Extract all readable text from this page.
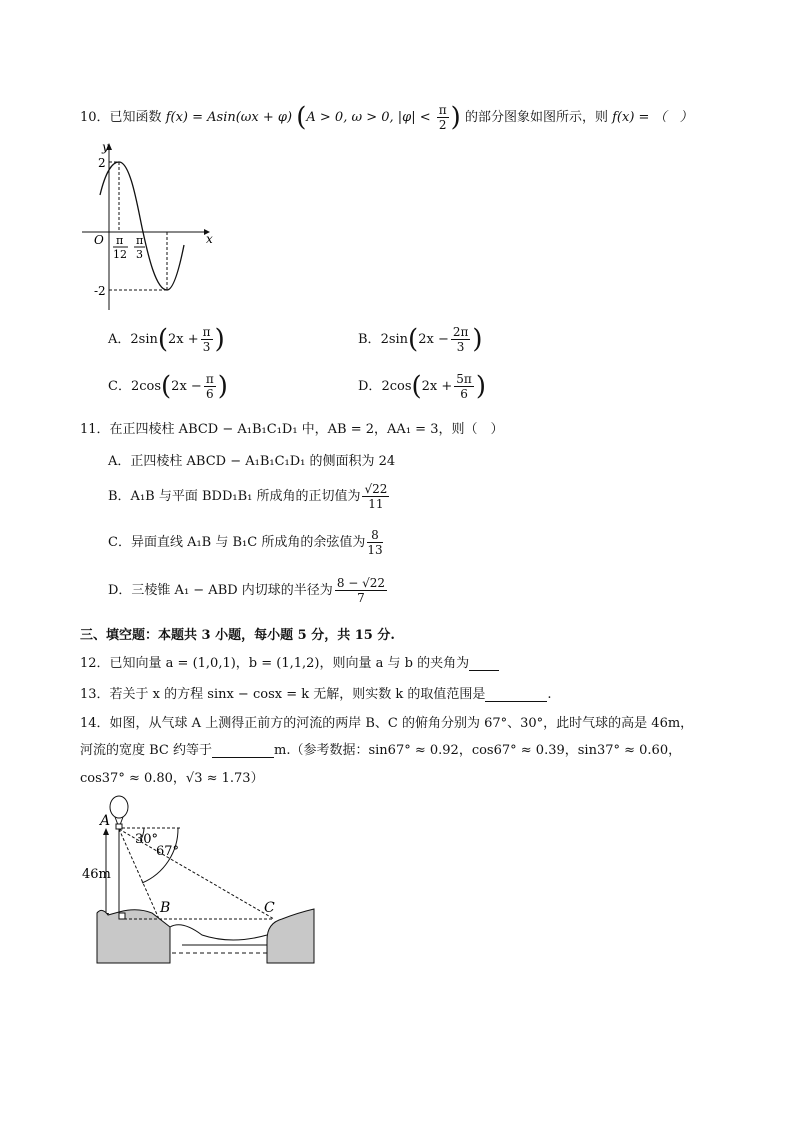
10．已知函数 f(x) = Asin(ωx + φ) (A > 0, ω > 0, $|\varphi| < \frac{\pi}{2}$ ) 的部分图象如图所示，则 f(x) = （　）
y
x
O
2
-2
π
12
π
3
A．$2\sin(2x + \frac{\pi}{3}$ )	B．$2\sin(2x - \frac{2\pi}{3}$ )
C．$2\cos(2x - \frac{\pi}{6}$ )	D．$2\cos(2x + \frac{5\pi}{6}$ )
11．在正四棱柱 ABCD − A₁B₁C₁D₁ 中，AB = 2，AA₁ = 3，则（　）
A．正四棱柱 ABCD − A₁B₁C₁D₁ 的侧面积为 24
B．A₁B 与平面 BDD₁B₁ 所成角的正切值为 $\frac{√22}{11}$
C．异面直线 A₁B 与 B₁C 所成角的余弦值为 $\frac{8}{13}$
D．三棱锥 A₁ − ABD 内切球的半径为 $\frac{8 - √22}{7}$
三、填空题：本题共 3 小题，每小题 5 分，共 15 分.
12．已知向量 a = (1,0,1)，b = (1,1,2)，则向量 a 与 b 的夹角为
13．若关于 x 的方程 sinx − cosx = k 无解，则实数 k 的取值范围是	.
14．如图，从气球 A 上测得正前方的河流的两岸 B、C 的俯角分别为 67°、30°，此时气球的高是 46m，
河流的宽度 BC 约等于	m.（参考数据：sin67° ≈ 0.92，cos67° ≈ 0.39，sin37° ≈ 0.60，
cos37° ≈ 0.80，√3 ≈ 1.73）
A
B	C
46m
30°
67°
